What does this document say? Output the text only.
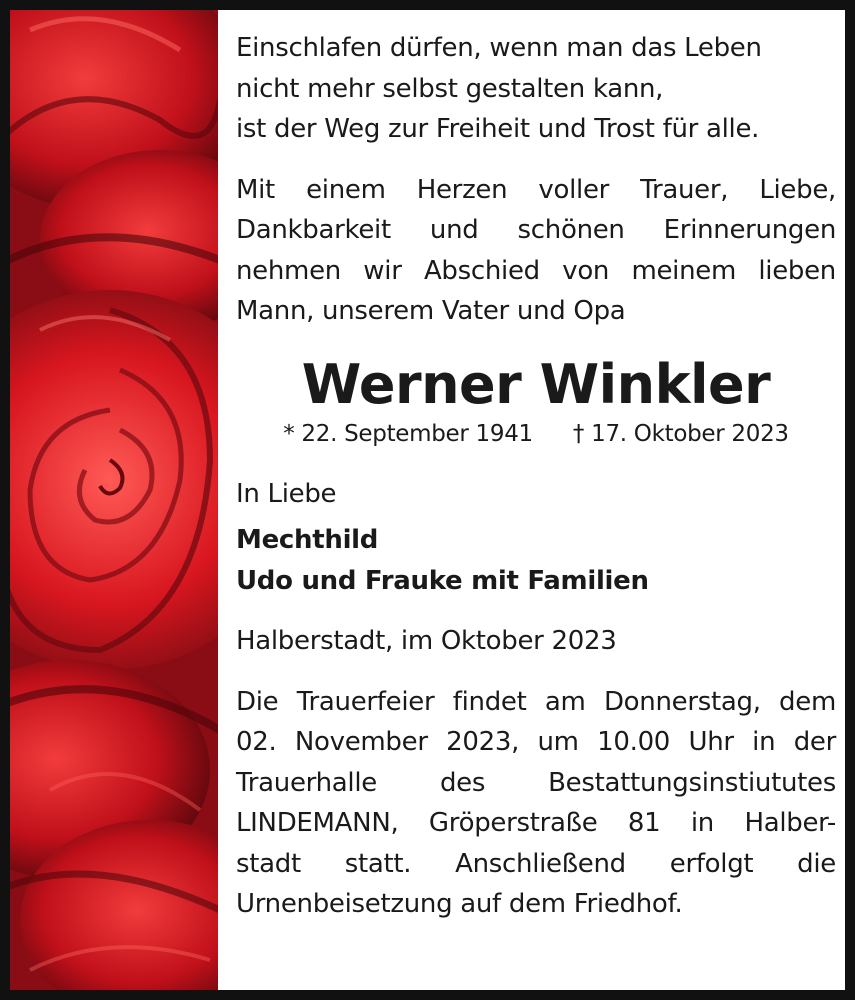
Einschlafen dürfen, wenn man das Leben
nicht mehr selbst gestalten kann,
ist der Weg zur Freiheit und Trost für alle.
Mit einem Herzen voller Trauer, Liebe,
Dankbarkeit und schönen Erinnerungen
nehmen wir Abschied von meinem lieben
Mann, unserem Vater und Opa
Werner Winkler
* 22. September 1941 † 17. Oktober 2023
In Liebe
Mechthild
Udo und Frauke mit Familien
Halberstadt, im Oktober 2023
Die Trauerfeier findet am Donnerstag, dem
02. November 2023, um 10.00 Uhr in der
Trauerhalle des Bestattungsinstiututes
LINDEMANN, Gröperstraße 81 in Halber-
stadt statt. Anschließend erfolgt die
Urnenbeisetzung auf dem Friedhof.
